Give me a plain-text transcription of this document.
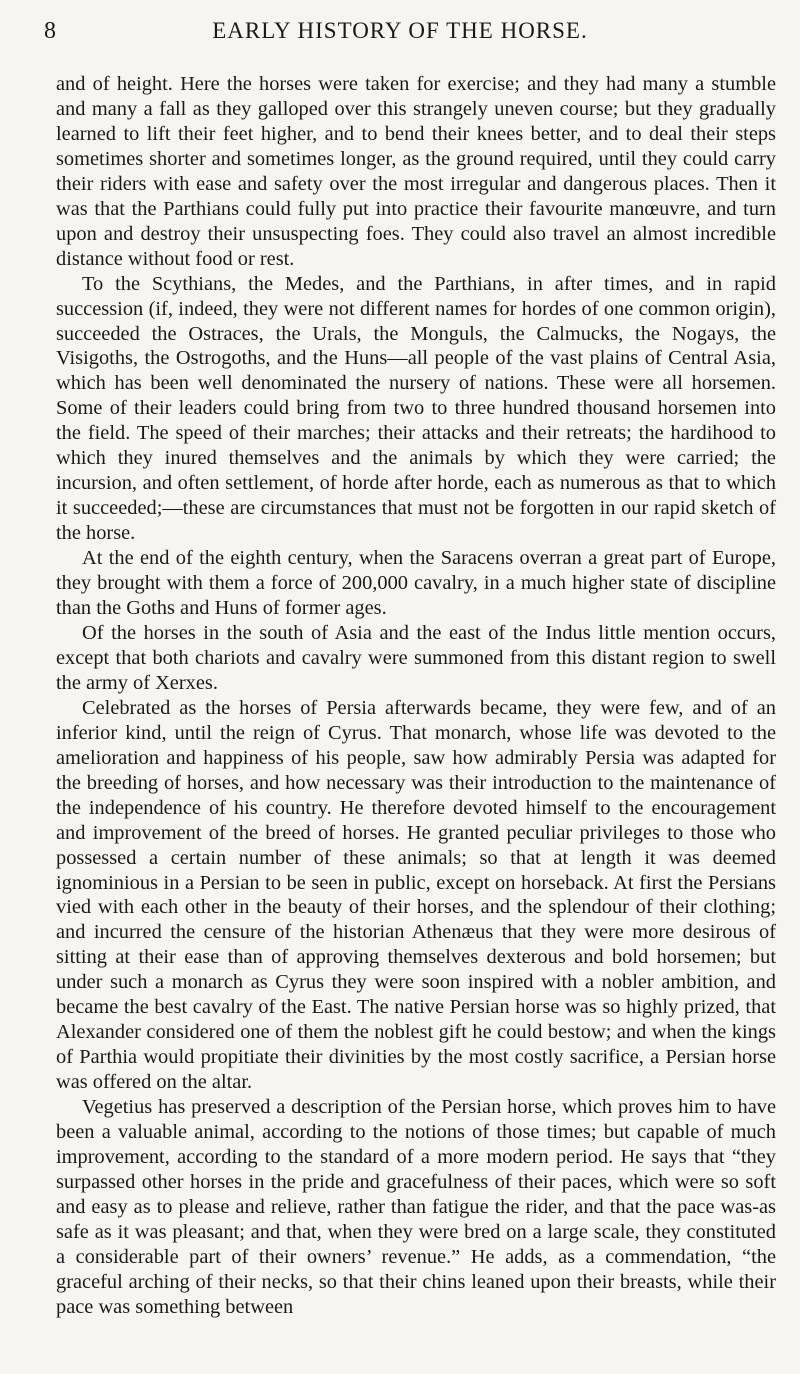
8	EARLY HISTORY OF THE HORSE.

and of height. Here the horses were taken for exercise; and they had many a stumble and many a fall as they galloped over this strangely uneven course; but they gradually learned to lift their feet higher, and to bend their knees better, and to deal their steps sometimes shorter and sometimes longer, as the ground required, until they could carry their riders with ease and safety over the most irregular and dangerous places. Then it was that the Parthians could fully put into practice their favourite manœuvre, and turn upon and destroy their unsuspecting foes. They could also travel an almost incredible distance without food or rest.

To the Scythians, the Medes, and the Parthians, in after times, and in rapid succession (if, indeed, they were not different names for hordes of one common origin), succeeded the Ostraces, the Urals, the Monguls, the Calmucks, the Nogays, the Visigoths, the Ostrogoths, and the Huns—all people of the vast plains of Central Asia, which has been well denominated the nursery of nations. These were all horsemen. Some of their leaders could bring from two to three hundred thousand horsemen into the field. The speed of their marches; their attacks and their retreats; the hardihood to which they inured themselves and the animals by which they were carried; the incursion, and often settlement, of horde after horde, each as numerous as that to which it succeeded;—these are circumstances that must not be forgotten in our rapid sketch of the horse.

At the end of the eighth century, when the Saracens overran a great part of Europe, they brought with them a force of 200,000 cavalry, in a much higher state of discipline than the Goths and Huns of former ages.

Of the horses in the south of Asia and the east of the Indus little mention occurs, except that both chariots and cavalry were summoned from this distant region to swell the army of Xerxes.

Celebrated as the horses of Persia afterwards became, they were few, and of an inferior kind, until the reign of Cyrus. That monarch, whose life was devoted to the amelioration and happiness of his people, saw how admirably Persia was adapted for the breeding of horses, and how necessary was their introduction to the maintenance of the independence of his country. He therefore devoted himself to the encouragement and improvement of the breed of horses. He granted peculiar privileges to those who possessed a certain number of these animals; so that at length it was deemed ignominious in a Persian to be seen in public, except on horseback. At first the Persians vied with each other in the beauty of their horses, and the splendour of their clothing; and incurred the censure of the historian Athenæus that they were more desirous of sitting at their ease than of approving themselves dexterous and bold horsemen; but under such a monarch as Cyrus they were soon inspired with a nobler ambition, and became the best cavalry of the East. The native Persian horse was so highly prized, that Alexander considered one of them the noblest gift he could bestow; and when the kings of Parthia would propitiate their divinities by the most costly sacrifice, a Persian horse was offered on the altar.

Vegetius has preserved a description of the Persian horse, which proves him to have been a valuable animal, according to the notions of those times; but capable of much improvement, according to the standard of a more modern period. He says that “they surpassed other horses in the pride and gracefulness of their paces, which were so soft and easy as to please and relieve, rather than fatigue the rider, and that the pace was-as safe as it was pleasant; and that, when they were bred on a large scale, they constituted a considerable part of their owners’ revenue.” He adds, as a commendation, “the graceful arching of their necks, so that their chins leaned upon their breasts, while their pace was something between
